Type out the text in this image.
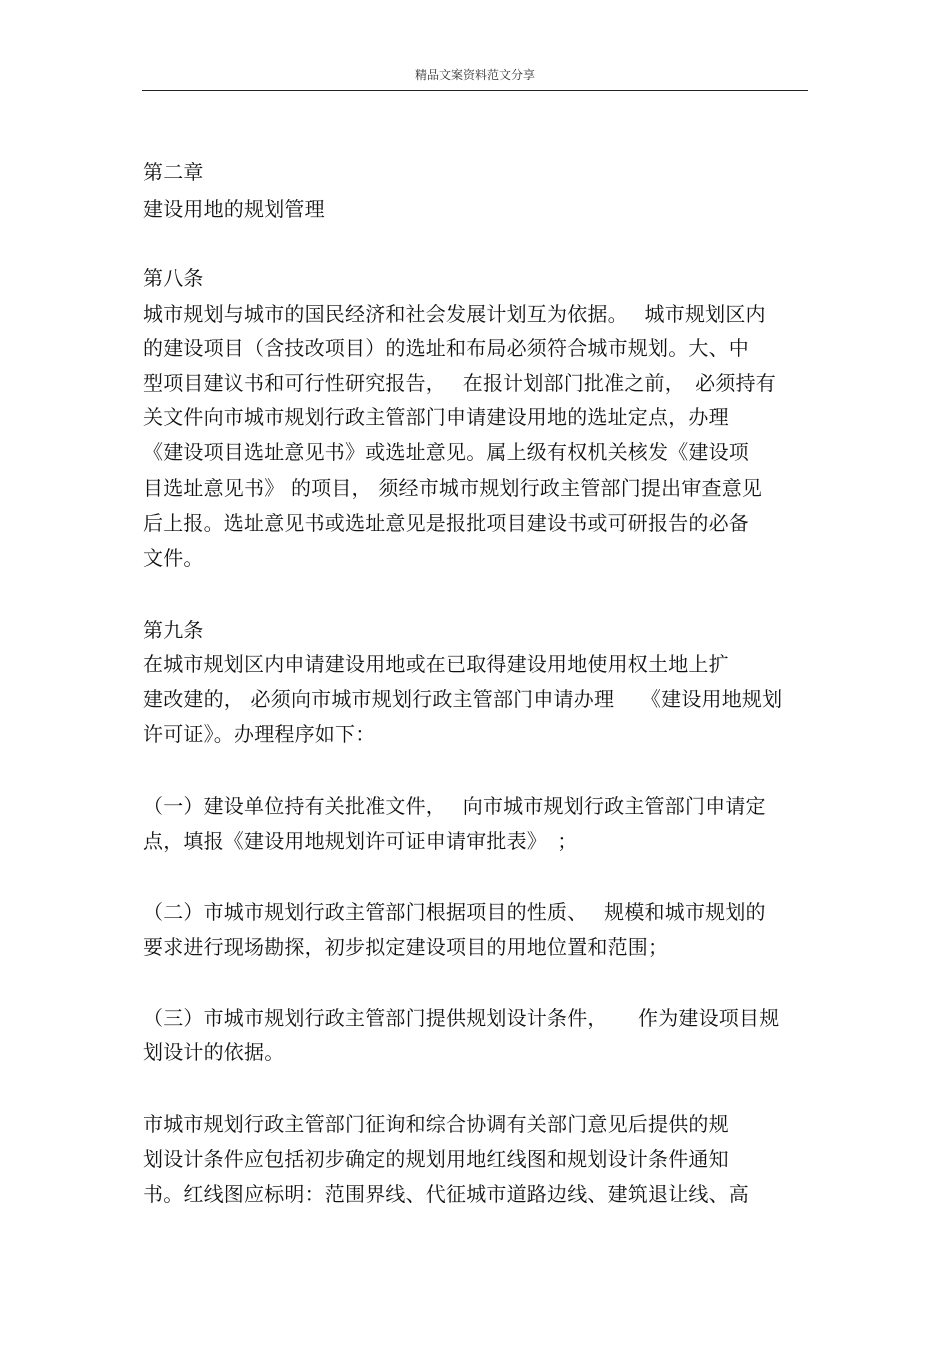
精品文案资料范文分享
第二章
建设用地的规划管理
第八条
城市规划与城市的国民经济和社会发展计划互为依据。　 城市规划区内
的建设项目（含技改项目）的选址和布局必须符合城市规划。大、中
型项目建议书和可行性研究报告，　 在报计划部门批准之前，　必须持有
关文件向市城市规划行政主管部门申请建设用地的选址定点，办理
《建设项目选址意见书》或选址意见。属上级有权机关核发《建设项
目选址意见书》 的项目， 须经市城市规划行政主管部门提出审查意见
后上报。选址意见书或选址意见是报批项目建设书或可研报告的必备
文件。
第九条
在城市规划区内申请建设用地或在已取得建设用地使用权土地上扩
建改建的， 必须向市城市规划行政主管部门申请办理　 《建设用地规划
许可证》。办理程序如下：
（一）建设单位持有关批准文件，　 向市城市规划行政主管部门申请定
点，填报《建设用地规划许可证申请审批表》　；
（二）市城市规划行政主管部门根据项目的性质、　 规模和城市规划的
要求进行现场勘探，初步拟定建设项目的用地位置和范围；
（三）市城市规划行政主管部门提供规划设计条件，　　作为建设项目规
划设计的依据。
市城市规划行政主管部门征询和综合协调有关部门意见后提供的规
划设计条件应包括初步确定的规划用地红线图和规划设计条件通知
书。红线图应标明：范围界线、代征城市道路边线、建筑退让线、高
